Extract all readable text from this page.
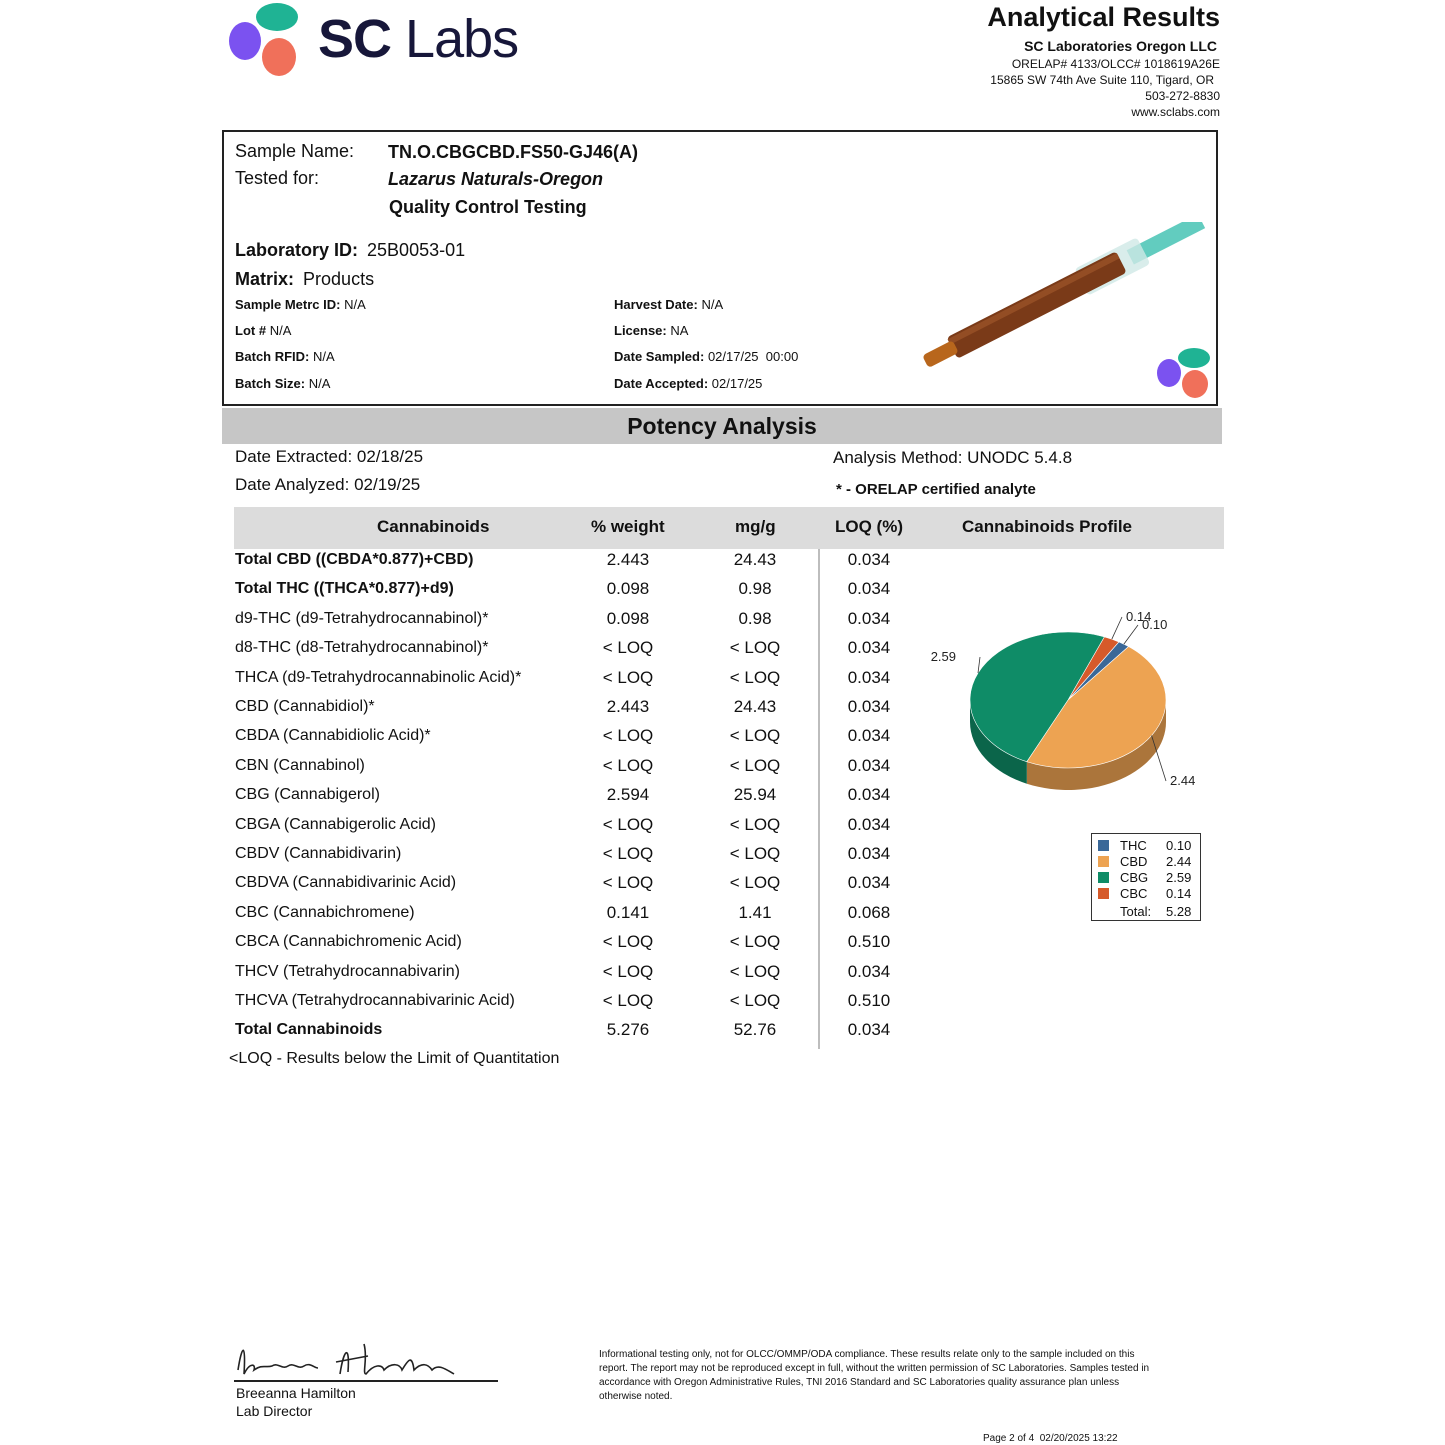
SC Labs	Analytical Results
SC Laboratories Oregon LLC
ORELAP# 4133/OLCC# 1018619A26E
15865 SW 74th Ave Suite 110, Tigard, OR
503-272-8830
www.sclabs.com
Sample Name: TN.O.CBGCBD.FS50-GJ46(A)
Tested for:	Lazarus Naturals-Oregon
Quality Control Testing
Laboratory ID: 25B0053-01
Matrix: Products
Sample Metrc ID: N/A
Lot # N/A
Batch RFID: N/A
Batch Size: N/A
Harvest Date: N/A
License: NA
Date Sampled: 02/17/25  00:00
Date Accepted: 02/17/25
Potency Analysis
Date Extracted: 02/18/25
Date Analyzed: 02/19/25
Analysis Method: UNODC 5.4.8
* - ORELAP certified analyte
Cannabinoids	% weight	mg/g	LOQ (%)	Cannabinoids Profile
Total CBD ((CBDA*0.877)+CBD)	2.443	24.43	0.034
Total THC ((THCA*0.877)+d9)	0.098	0.98	0.034
d9-THC (d9-Tetrahydrocannabinol)*	0.098	0.98	0.034
d8-THC (d8-Tetrahydrocannabinol)*	< LOQ	< LOQ	0.034
THCA (d9-Tetrahydrocannabinolic Acid)*	< LOQ	< LOQ	0.034
CBD (Cannabidiol)*	2.443	24.43	0.034
CBDA (Cannabidiolic Acid)*	< LOQ	< LOQ	0.034
CBN (Cannabinol)	< LOQ	< LOQ	0.034
CBG (Cannabigerol)	2.594	25.94	0.034
CBGA (Cannabigerolic Acid)	< LOQ	< LOQ	0.034
CBDV (Cannabidivarin)	< LOQ	< LOQ	0.034
CBDVA (Cannabidivarinic Acid)	< LOQ	< LOQ	0.034
CBC (Cannabichromene)	0.141	1.41	0.068
CBCA (Cannabichromenic Acid)	< LOQ	< LOQ	0.510
THCV (Tetrahydrocannabivarin)	< LOQ	< LOQ	0.034
THCVA (Tetrahydrocannabivarinic Acid)	< LOQ	< LOQ	0.510
Total Cannabinoids	5.276	52.76	0.034
<LOQ - Results below the Limit of Quantitation
0.14
0.10
2.44
2.59
THC 0.10
CBD 2.44
CBG 2.59
CBC 0.14
Total: 5.28
Breeanna Hamilton
Lab Director
Informational testing only, not for OLCC/OMMP/ODA compliance. These results relate only to the sample included on this report. The report may not be reproduced except in full, without the written permission of SC Laboratories. Samples tested in accordance with Oregon Administrative Rules, TNI 2016 Standard and SC Laboratories quality assurance plan unless otherwise noted.
Page 2 of 4  02/20/2025 13:22
